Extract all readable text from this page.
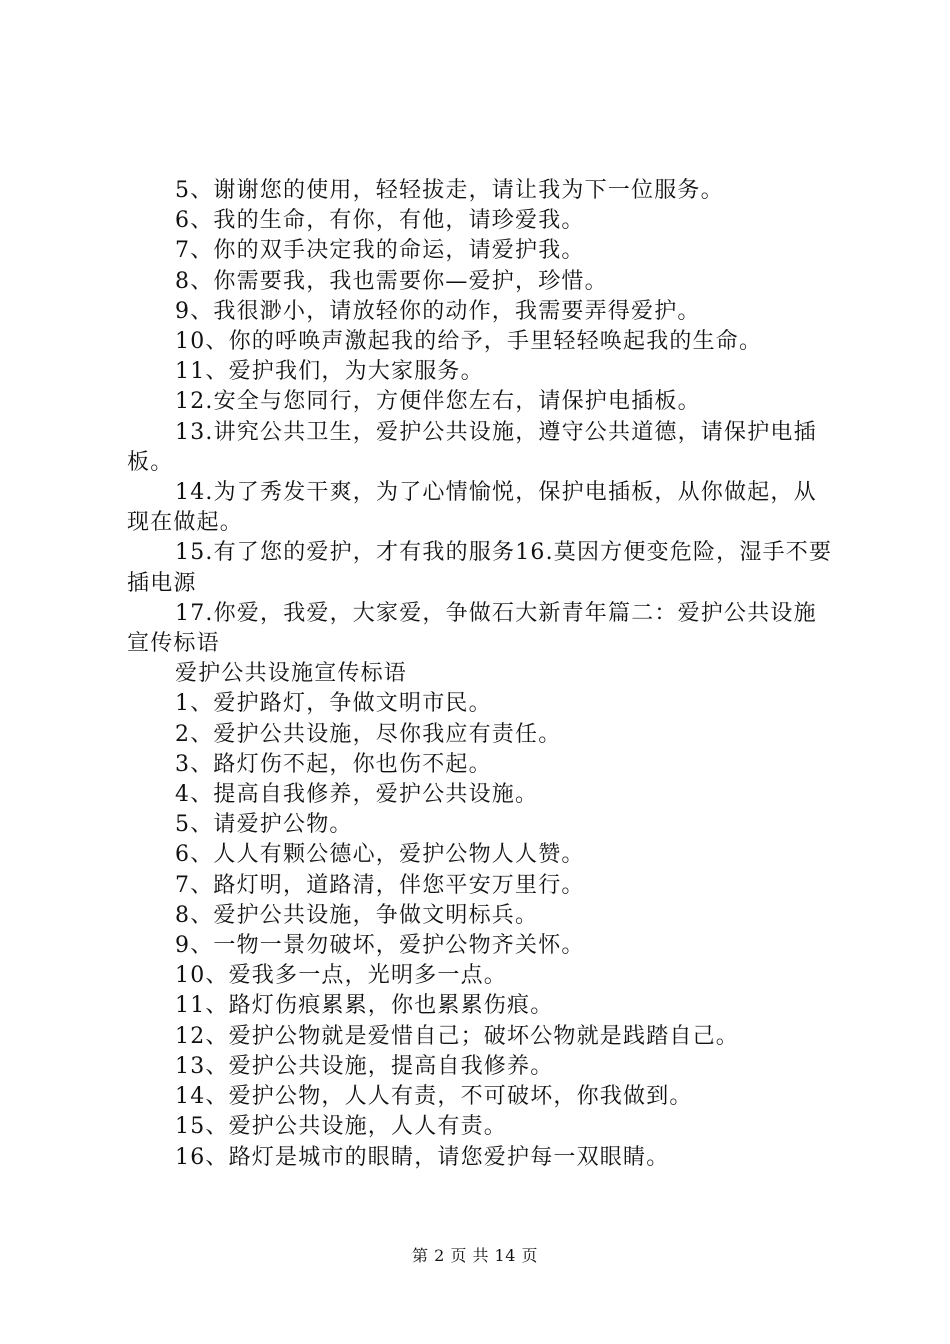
5、谢谢您的使用，轻轻拔走，请让我为下一位服务。

6、我的生命，有你，有他，请珍爱我。

7、你的双手决定我的命运，请爱护我。

8、你需要我，我也需要你—爱护，珍惜。

9、我很渺小，请放轻你的动作，我需要弄得爱护。

10、你的呼唤声激起我的给予，手里轻轻唤起我的生命。

11、爱护我们，为大家服务。

12.安全与您同行，方便伴您左右，请保护电插板。

13.讲究公共卫生，爱护公共设施，遵守公共道德，请保护电插板。

14.为了秀发干爽，为了心情愉悦，保护电插板，从你做起，从现在做起。

15.有了您的爱护，才有我的服务16.莫因方便变危险，湿手不要插电源

17.你爱，我爱，大家爱，争做石大新青年篇二：爱护公共设施宣传标语

爱护公共设施宣传标语

1、爱护路灯，争做文明市民。

2、爱护公共设施，尽你我应有责任。

3、路灯伤不起，你也伤不起。

4、提高自我修养，爱护公共设施。

5、请爱护公物。

6、人人有颗公德心，爱护公物人人赞。

7、路灯明，道路清，伴您平安万里行。

8、爱护公共设施，争做文明标兵。

9、一物一景勿破坏，爱护公物齐关怀。

10、爱我多一点，光明多一点。

11、路灯伤痕累累，你也累累伤痕。

12、爱护公物就是爱惜自己；破坏公物就是践踏自己。

13、爱护公共设施，提高自我修养。

14、爱护公物，人人有责，不可破坏，你我做到。

15、爱护公共设施，人人有责。

16、路灯是城市的眼睛，请您爱护每一双眼睛。

第 2 页 共 14 页
